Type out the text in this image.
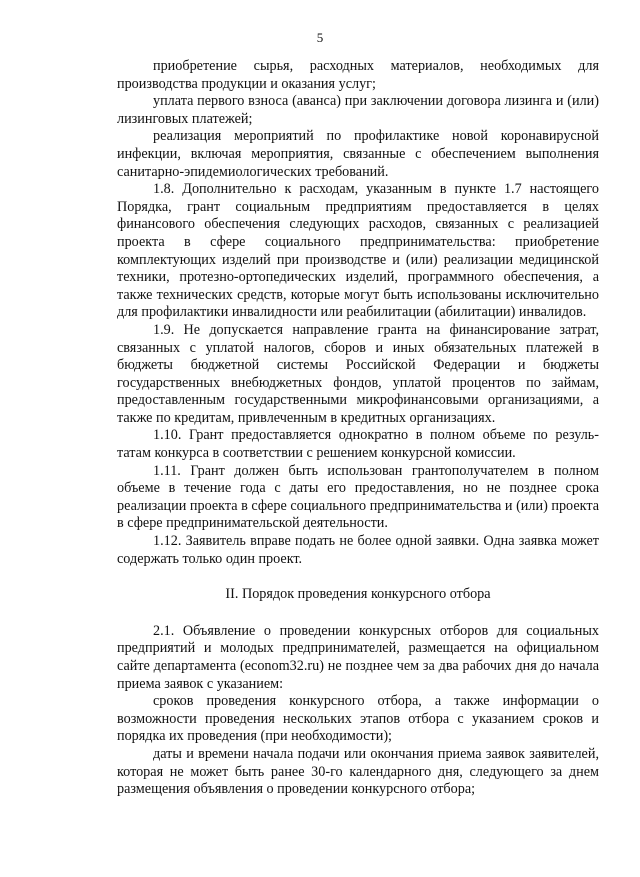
5

приобретение сырья, расходных материалов, необходимых для производства продукции и оказания услуг;

уплата первого взноса (аванса) при заключении договора лизинга и (или) лизинговых платежей;

реализация мероприятий по профилактике новой коронавирусной инфекции, включая мероприятия, связанные с обеспечением выполнения санитарно-эпидемиологических требований.

1.8. Дополнительно к расходам, указанным в пункте 1.7 настоящего Порядка, грант социальным предприятиям предоставляется в целях финансового обеспечения следующих расходов, связанных с реализацией проекта в сфере социального предпринимательства: приобретение комплектующих изделий при производстве и (или) реализации медицинской техники, протезно-ортопедических изделий, программного обеспечения, а также технических средств, которые могут быть использованы исключительно для профилактики инвалидности или реабилитации (абилитации) инвалидов.

1.9. Не допускается направление гранта на финансирование затрат, связанных с уплатой налогов, сборов и иных обязательных платежей в бюджеты бюджетной системы Российской Федерации и бюджеты государственных внебюджетных фондов, уплатой процентов по займам, предоставленным государственными микрофинансовыми организациями, а также по кредитам, привлеченным в кредитных организациях.

1.10. Грант предоставляется однократно в полном объеме по резуль-татам конкурса в соответствии с решением конкурсной комиссии.

1.11. Грант должен быть использован грантополучателем в полном объеме в течение года с даты его предоставления, но не позднее срока реализации проекта в сфере социального предпринимательства и (или) проекта в сфере предпринимательской деятельности.

1.12. Заявитель вправе подать не более одной заявки. Одна заявка может содержать только один проект.

II. Порядок проведения конкурсного отбора

2.1. Объявление о проведении конкурсных отборов для социальных предприятий и молодых предпринимателей, размещается на официальном сайте департамента (econom32.ru) не позднее чем за два рабочих дня до начала приема заявок с указанием:

сроков проведения конкурсного отбора, а также информации о возможности проведения нескольких этапов отбора с указанием сроков и порядка их проведения (при необходимости);

даты и времени начала подачи или окончания приема заявок заявителей, которая не может быть ранее 30-го календарного дня, следующего за днем размещения объявления о проведении конкурсного отбора;
